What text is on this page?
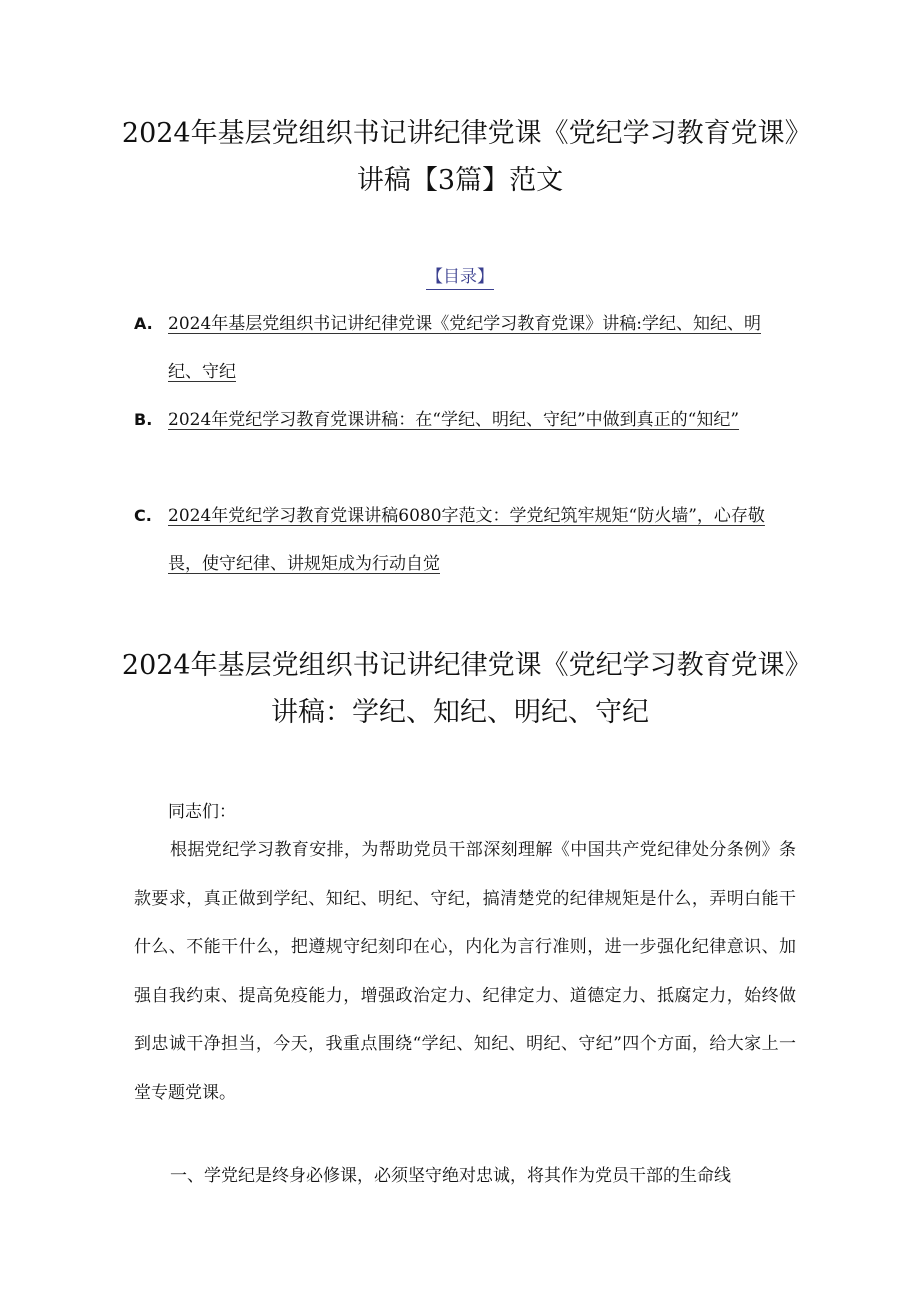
2024年基层党组织书记讲纪律党课《党纪学习教育党课》讲稿【3篇】范文
【目录】
A. 2024年基层党组织书记讲纪律党课《党纪学习教育党课》讲稿:学纪、知纪、明纪、守纪
B. 2024年党纪学习教育党课讲稿：在“学纪、明纪、守纪”中做到真正的“知纪”
C. 2024年党纪学习教育党课讲稿6080字范文：学党纪筑牢规矩“防火墙”，心存敬畏，使守纪律、讲规矩成为行动自觉
2024年基层党组织书记讲纪律党课《党纪学习教育党课》讲稿：学纪、知纪、明纪、守纪

同志们：

根据党纪学习教育安排，为帮助党员干部深刻理解《中国共产党纪律处分条例》条款要求，真正做到学纪、知纪、明纪、守纪，搞清楚党的纪律规矩是什么，弄明白能干什么、不能干什么，把遵规守纪刻印在心，内化为言行准则，进一步强化纪律意识、加强自我约束、提高免疫能力，增强政治定力、纪律定力、道德定力、抵腐定力，始终做到忠诚干净担当，今天，我重点围绕“学纪、知纪、明纪、守纪”四个方面，给大家上一堂专题党课。

一、学党纪是终身必修课，必须坚守绝对忠诚，将其作为党员干部的生命线
